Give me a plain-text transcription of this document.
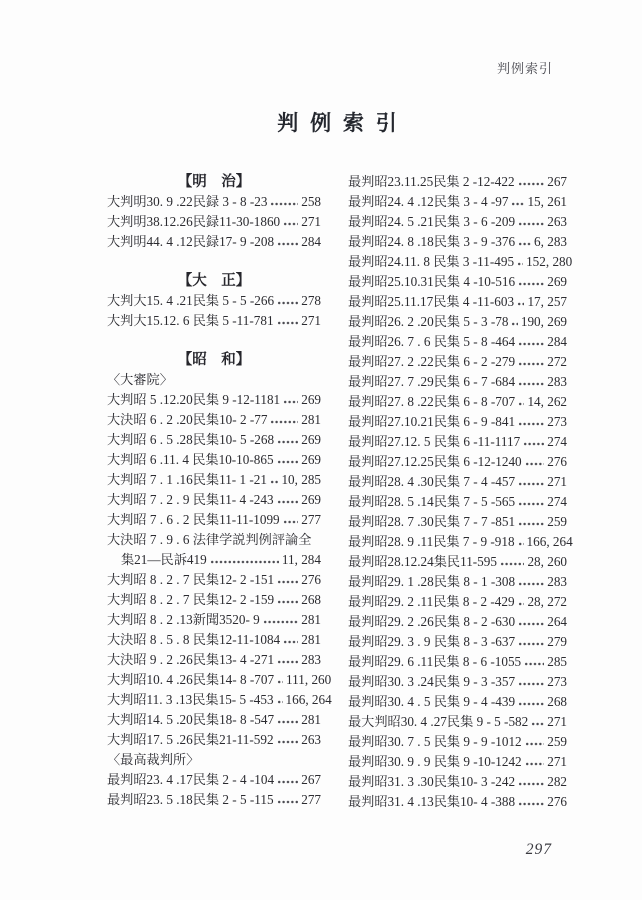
判例索引
判 例 索 引
【明　治】
大判明30. 9 .22民録 3 - 8 -23	258
大判明38.12.26民録11-30-1860 271
大判明44. 4 .12民録17- 9 -208 284
【大　正】
大判大15. 4 .21民集 5 - 5 -266 278
大判大15.12. 6 民集 5 -11-781 271
【昭　和】
〈大審院〉
大判昭 5 .12.20民集 9 -12-1181 269
大決昭 6 . 2 .20民集10- 2 -77	281
大判昭 6 . 5 .28民集10- 5 -268 269
大判昭 6 .11. 4 民集10-10-865 269
大判昭 7 . 1 .16民集11- 1 -21 10, 285
大判昭 7 . 2 . 9 民集11- 4 -243 269
大判昭 7 . 6 . 2 民集11-11-1099 277
大決昭 7 . 9 . 6 法律学説判例評論全
集21―民訴419	11, 284
大判昭 8 . 2 . 7 民集12- 2 -151 276
大判昭 8 . 2 . 7 民集12- 2 -159 268
大判昭 8 . 2 .13新聞3520- 9	281
大決昭 8 . 5 . 8 民集12-11-1084 281
大決昭 9 . 2 .26民集13- 4 -271 283
大判昭10. 4 .26民集14- 8 -707 111, 260
大判昭11. 3 .13民集15- 5 -453 166, 264
大判昭14. 5 .20民集18- 8 -547 281
大判昭17. 5 .26民集21-11-592 263
〈最高裁判所〉
最判昭23. 4 .17民集 2 - 4 -104 267
最判昭23. 5 .18民集 2 - 5 -115 277
最判昭23.11.25民集 2 -12-422 267
最判昭24. 4 .12民集 3 - 4 -97 15, 261
最判昭24. 5 .21民集 3 - 6 -209 263
最判昭24. 8 .18民集 3 - 9 -376 6, 283
最判昭24.11. 8 民集 3 -11-495 152, 280
最判昭25.10.31民集 4 -10-516 269
最判昭25.11.17民集 4 -11-603 17, 257
最判昭26. 2 .20民集 5 - 3 -78 190, 269
最判昭26. 7 . 6 民集 5 - 8 -464 284
最判昭27. 2 .22民集 6 - 2 -279 272
最判昭27. 7 .29民集 6 - 7 -684 283
最判昭27. 8 .22民集 6 - 8 -707 14, 262
最判昭27.10.21民集 6 - 9 -841 273
最判昭27.12. 5 民集 6 -11-1117 274
最判昭27.12.25民集 6 -12-1240 276
最判昭28. 4 .30民集 7 - 4 -457 271
最判昭28. 5 .14民集 7 - 5 -565 274
最判昭28. 7 .30民集 7 - 7 -851 259
最判昭28. 9 .11民集 7 - 9 -918 166, 264
最判昭28.12.24集民11-595 28, 260
最判昭29. 1 .28民集 8 - 1 -308 283
最判昭29. 2 .11民集 8 - 2 -429 28, 272
最判昭29. 2 .26民集 8 - 2 -630 264
最判昭29. 3 . 9 民集 8 - 3 -637 279
最判昭29. 6 .11民集 8 - 6 -1055 285
最判昭30. 3 .24民集 9 - 3 -357 273
最判昭30. 4 . 5 民集 9 - 4 -439 268
最大判昭30. 4 .27民集 9 - 5 -582 271
最判昭30. 7 . 5 民集 9 - 9 -1012 259
最判昭30. 9 . 9 民集 9 -10-1242 271
最判昭31. 3 .30民集10- 3 -242 282
最判昭31. 4 .13民集10- 4 -388 276
297
